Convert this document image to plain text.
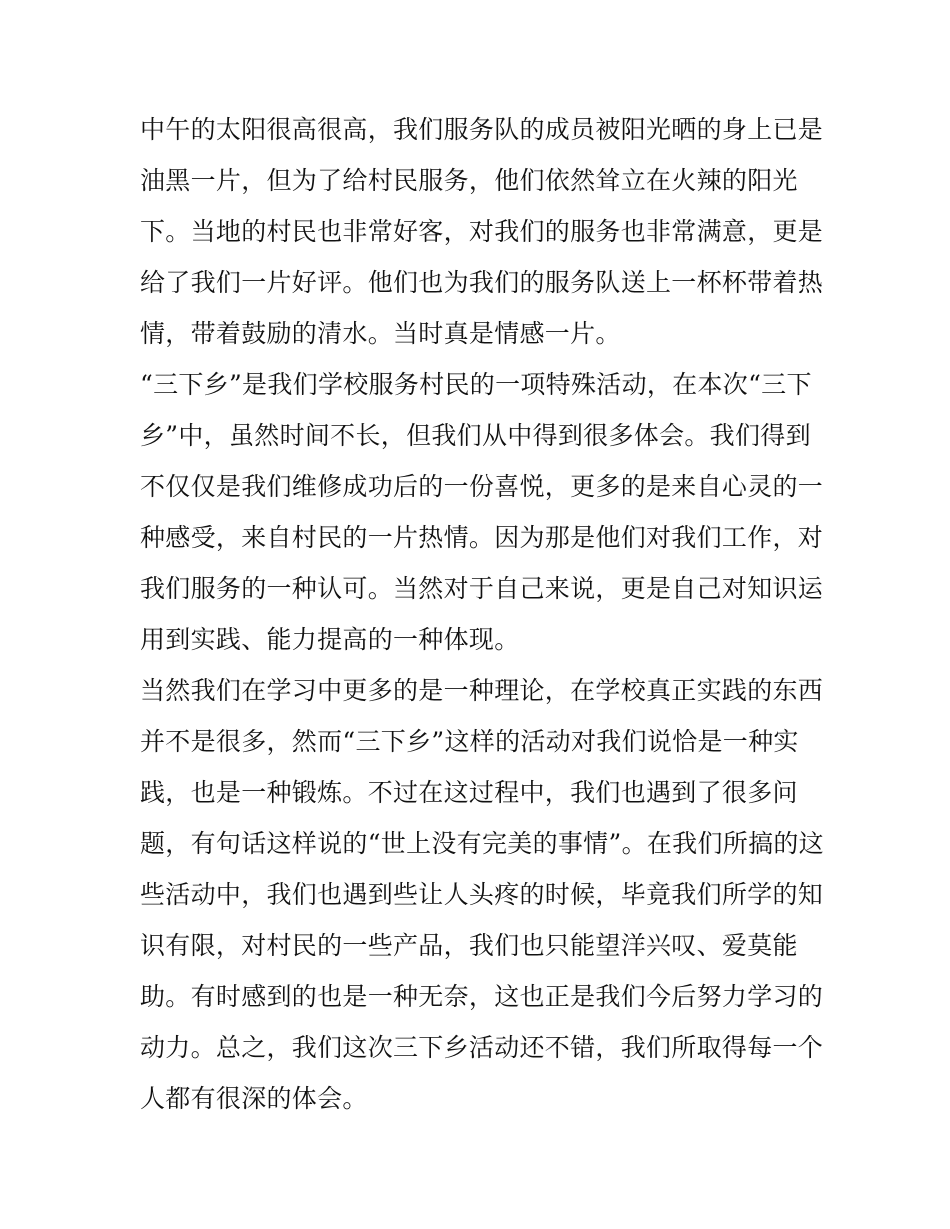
中午的太阳很高很高，我们服务队的成员被阳光晒的身上已是
油黑一片，但为了给村民服务，他们依然耸立在火辣的阳光
下。当地的村民也非常好客，对我们的服务也非常满意，更是
给了我们一片好评。他们也为我们的服务队送上一杯杯带着热
情，带着鼓励的清水。当时真是情感一片。

“三下乡”是我们学校服务村民的一项特殊活动，在本次“三下
乡”中，虽然时间不长，但我们从中得到很多体会。我们得到
不仅仅是我们维修成功后的一份喜悦，更多的是来自心灵的一
种感受，来自村民的一片热情。因为那是他们对我们工作，对
我们服务的一种认可。当然对于自己来说，更是自己对知识运
用到实践、能力提高的一种体现。

当然我们在学习中更多的是一种理论，在学校真正实践的东西
并不是很多，然而“三下乡”这样的活动对我们说恰是一种实
践，也是一种锻炼。不过在这过程中，我们也遇到了很多问
题，有句话这样说的“世上没有完美的事情”。在我们所搞的这
些活动中，我们也遇到些让人头疼的时候，毕竟我们所学的知
识有限，对村民的一些产品，我们也只能望洋兴叹、爱莫能
助。有时感到的也是一种无奈，这也正是我们今后努力学习的
动力。总之，我们这次三下乡活动还不错，我们所取得每一个
人都有很深的体会。
